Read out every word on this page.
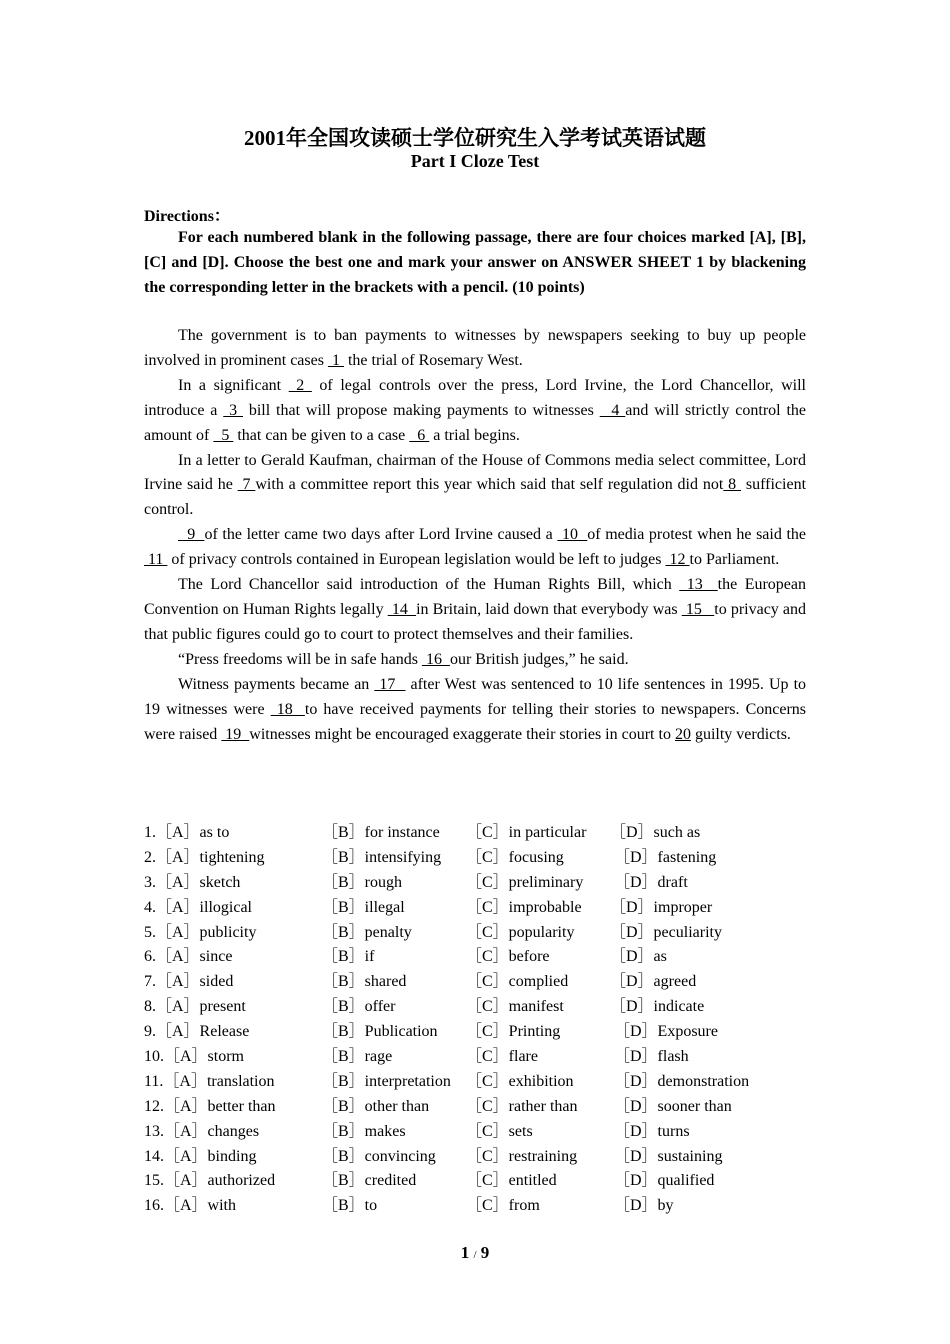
2001年全国攻读硕士学位研究生入学考试英语试题
Part I Cloze Test
Directions：

For each numbered blank in the following passage, there are four choices marked [A], [B], [C] and [D]. Choose the best one and mark your answer on ANSWER SHEET 1 by blackening the corresponding letter in the brackets with a pencil. (10 points)

The government is to ban payments to witnesses by newspapers seeking to buy up people involved in prominent cases  1  the trial of Rosemary West.

In a significant  2  of legal controls over the press, Lord Irvine, the Lord Chancellor, will introduce a  3  bill that will propose making payments to witnesses   4 and will strictly control the amount of   5  that can be given to a case   6  a trial begins.

In a letter to Gerald Kaufman, chairman of the House of Commons media select committee, Lord Irvine said he  7 with a committee report this year which said that self regulation did not 8  sufficient control.

9  of the letter came two days after Lord Irvine caused a  10  of media protest when he said the  11  of privacy controls contained in European legislation would be left to judges  12 to Parliament.

The Lord Chancellor said introduction of the Human Rights Bill, which  13  the European Convention on Human Rights legally  14  in Britain, laid down that everybody was  15   to privacy and that public figures could go to court to protect themselves and their families.

“Press freedoms will be in safe hands  16  our British judges,” he said.

Witness payments became an  17   after West was sentenced to 10 life sentences in 1995. Up to 19 witnesses were  18  to have received payments for telling their stories to newspapers. Concerns were raised  19  witnesses might be encouraged exaggerate their stories in court to 20 guilty verdicts.

1.［A］as to	［B］for instance ［C］in particular ［D］such as
2.［A］tightening	［B］intensifying ［C］focusing	［D］fastening
3.［A］sketch	［B］rough	［C］preliminary ［D］draft
4.［A］illogical	［B］illegal	［C］improbable ［D］improper
5.［A］publicity	［B］penalty	［C］popularity ［D］peculiarity
6.［A］since	［B］if	［C］before	［D］as
7.［A］sided	［B］shared	［C］complied	［D］agreed
8.［A］present	［B］offer	［C］manifest	［D］indicate
9.［A］Release	［B］Publication ［C］Printing	［D］Exposure
10.［A］storm	［B］rage	［C］flare	［D］flash
11.［A］translation	［B］interpretation ［C］exhibition ［D］demonstration
12.［A］better than	［B］other than ［C］rather than ［D］sooner than
13.［A］changes	［B］makes	［C］sets	［D］turns
14.［A］binding	［B］convincing ［C］restraining ［D］sustaining
15.［A］authorized	［B］credited	［C］entitled	［D］qualified
16.［A］with	［B］to	［C］from	［D］by
1 / 9
